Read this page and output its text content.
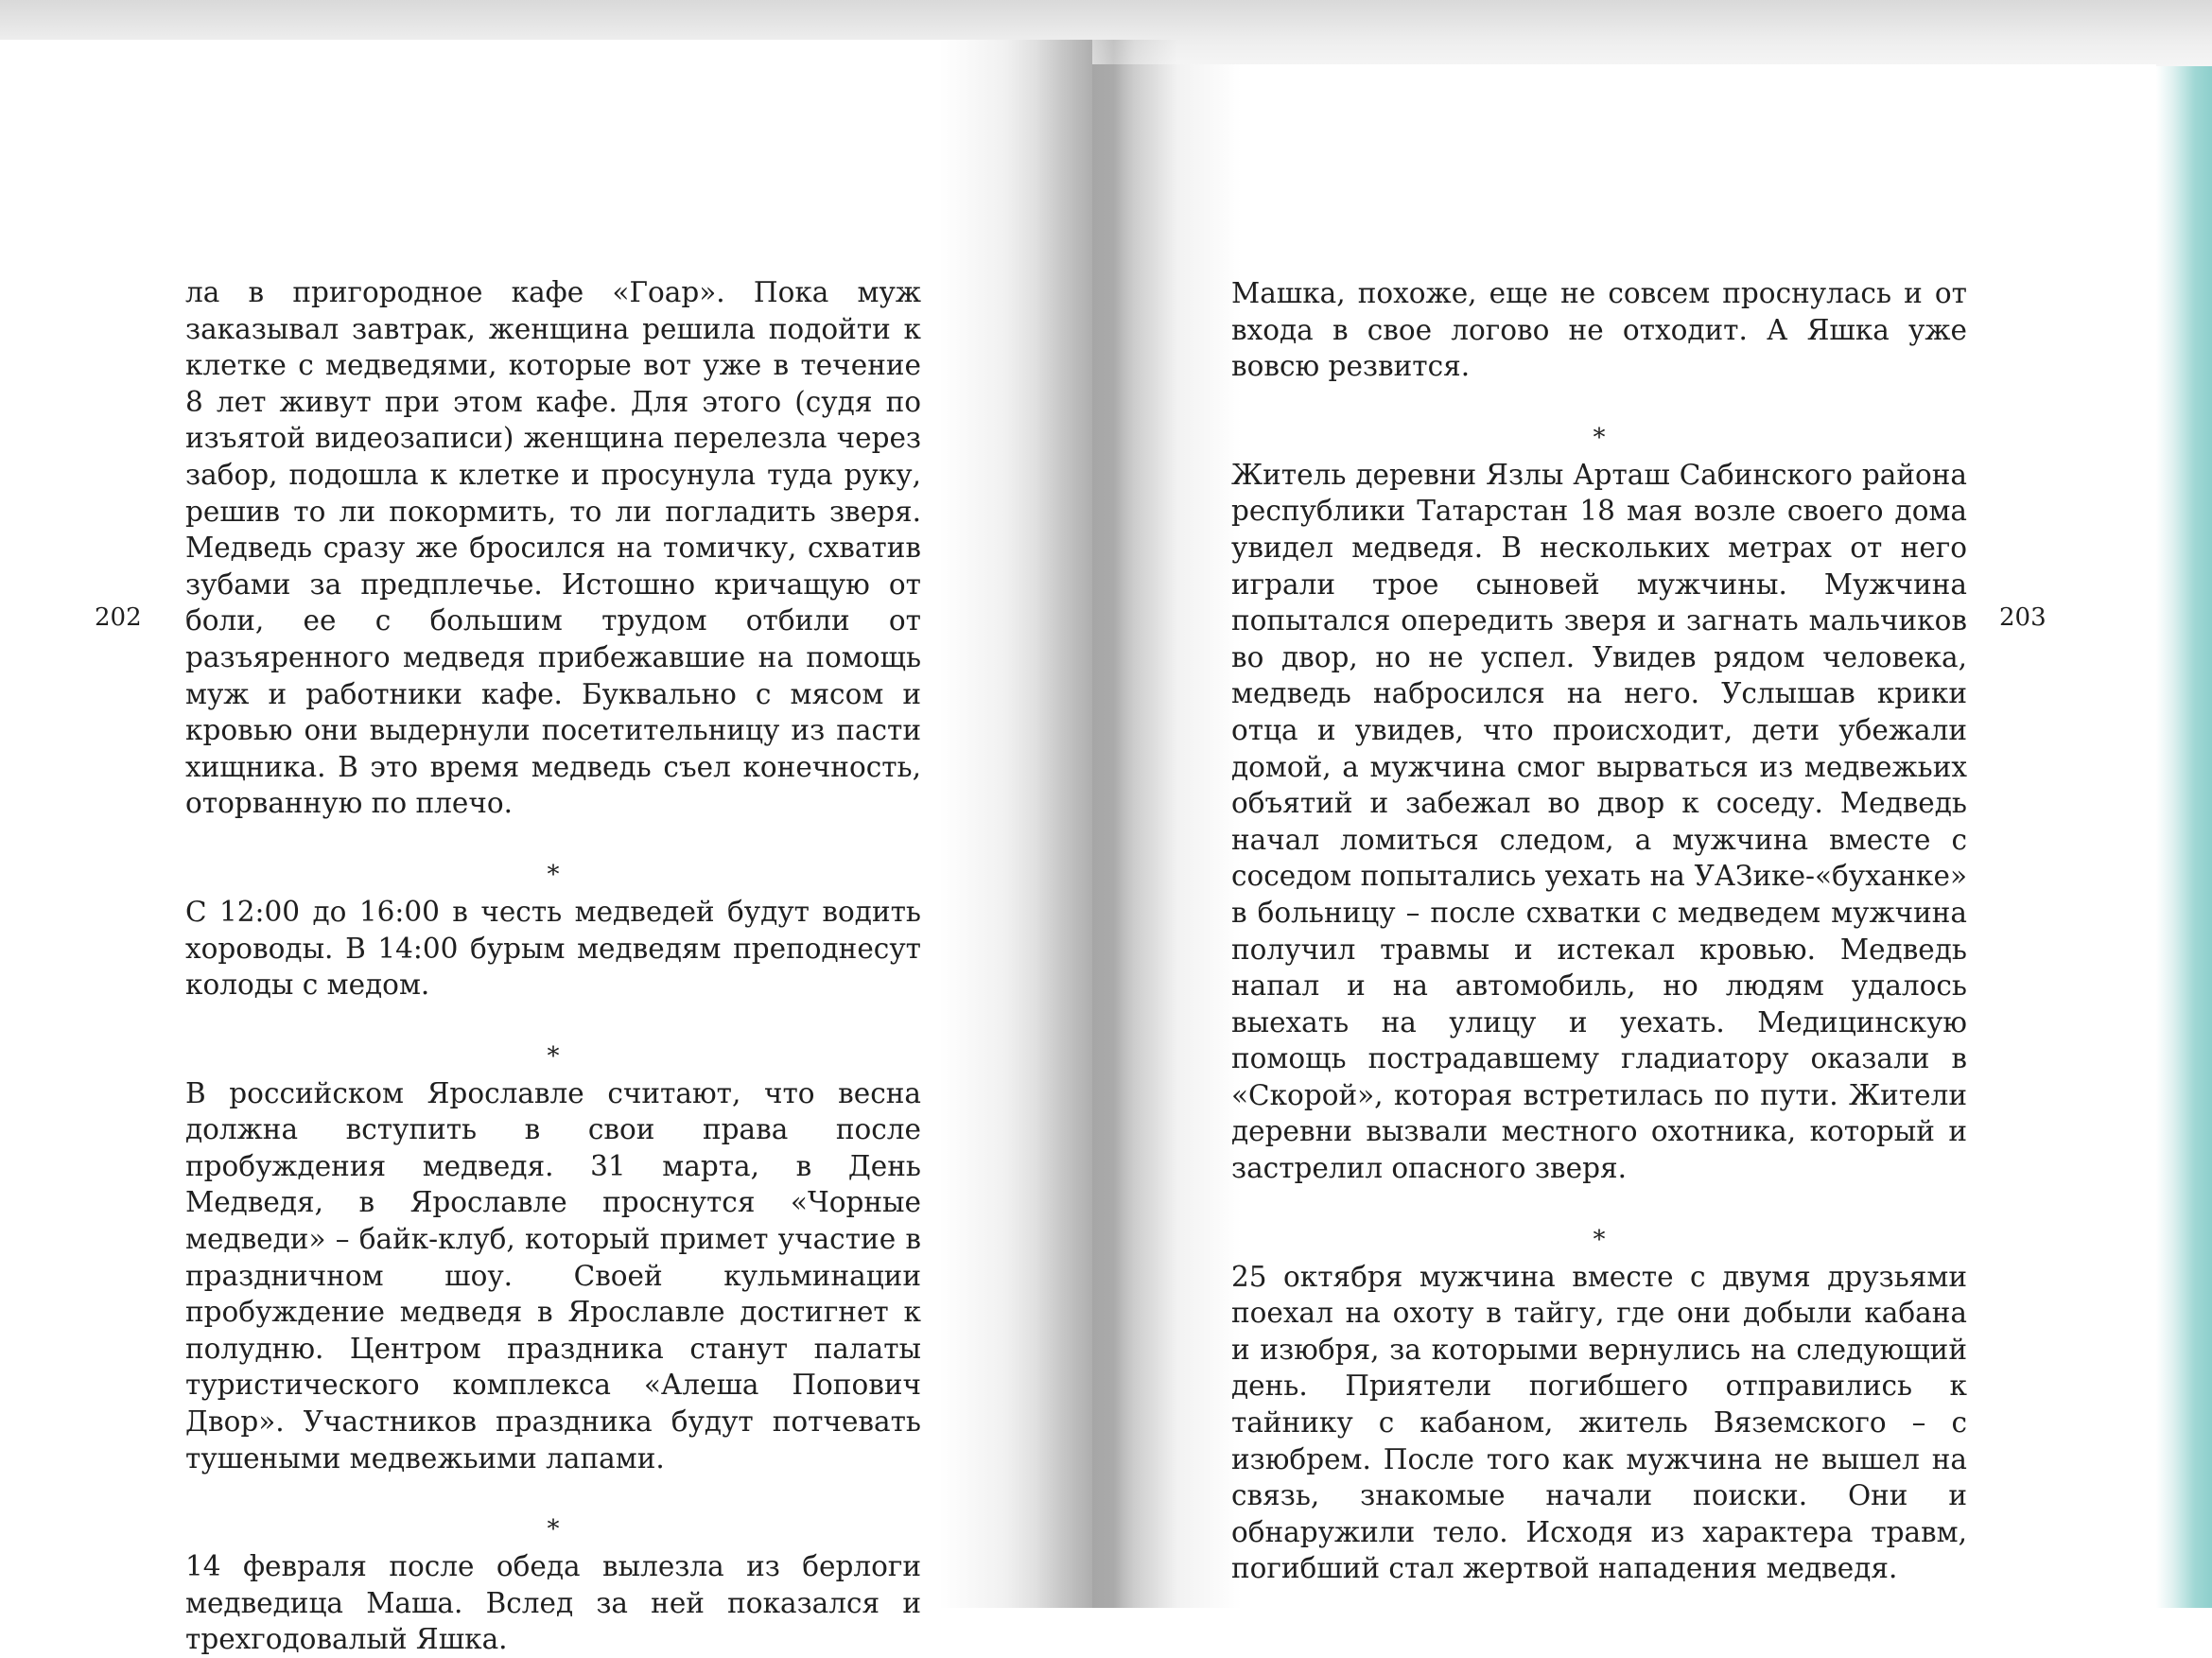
202	203

ла в пригородное кафе «Гоар». Пока муж заказывал завтрак, женщина решила подойти к клетке с медведями, которые вот уже в течение 8 лет живут при этом кафе. Для этого (судя по изъятой видеозаписи) женщина перелезла через забор, подошла к клетке и просунула туда руку, решив то ли покормить, то ли погладить зверя. Медведь сразу же бросился на томичку, схватив зубами за предплечье. Истошно кричащую от боли, ее с большим трудом отбили от разъяренного медведя прибежавшие на помощь муж и работники кафе. Буквально с мясом и кровью они выдернули посетительницу из пасти хищника. В это время медведь съел конечность, оторванную по плечо.

*

С 12:00 до 16:00 в честь медведей будут водить хороводы. В 14:00 бурым медведям преподнесут колоды с медом.

*

В российском Ярославле считают, что весна должна вступить в свои права после пробуждения медведя. 31 марта, в День Медведя, в Ярославле проснутся «Чорные медведи» – байк-клуб, который примет участие в праздничном шоу. Своей кульминации пробуждение медведя в Ярославле достигнет к полудню. Центром праздника станут палаты туристического комплекса «Алеша Попович Двор». Участников праздника будут потчевать тушеными медвежьими лапами.

*

14 февраля после обеда вылезла из берлоги медведица Маша. Вслед за ней показался и трехгодовалый Яшка.

Машка, похоже, еще не совсем проснулась и от входа в свое логово не отходит. А Яшка уже вовсю резвится.

*

Житель деревни Язлы Арташ Сабинского района республики Татарстан 18 мая возле своего дома увидел медведя. В нескольких метрах от него играли трое сыновей мужчины. Мужчина попытался опередить зверя и загнать мальчиков во двор, но не успел. Увидев рядом человека, медведь набросился на него. Услышав крики отца и увидев, что происходит, дети убежали домой, а мужчина смог вырваться из медвежьих объятий и забежал во двор к соседу. Медведь начал ломиться следом, а мужчина вместе с соседом попытались уехать на УАЗике-«буханке» в больницу – после схватки с медведем мужчина получил травмы и истекал кровью. Медведь напал и на автомобиль, но людям удалось выехать на улицу и уехать. Медицинскую помощь пострадавшему гладиатору оказали в «Скорой», которая встретилась по пути. Жители деревни вызвали местного охотника, который и застрелил опасного зверя.

*

25 октября мужчина вместе с двумя друзьями поехал на охоту в тайгу, где они добыли кабана и изюбря, за которыми вернулись на следующий день. Приятели погибшего отправились к тайнику с кабаном, житель Вяземского – с изюбрем. После того как мужчина не вышел на связь, знакомые начали поиски. Они и обнаружили тело. Исходя из характера травм, погибший стал жертвой нападения медведя.
